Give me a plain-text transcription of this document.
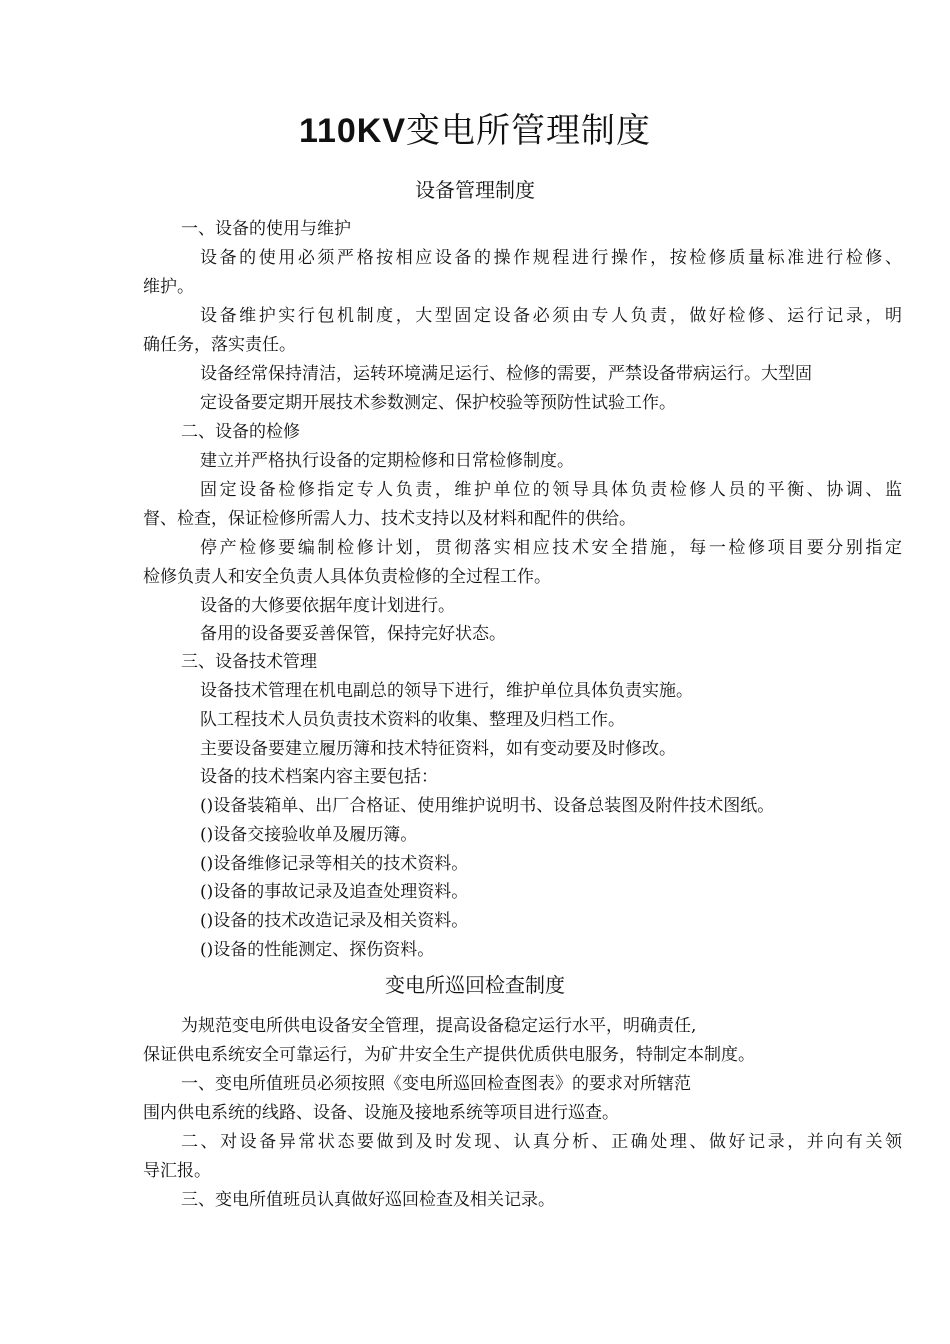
110KV变电所管理制度
设备管理制度
一、设备的使用与维护
设备的使用必须严格按相应设备的操作规程进行操作，按检修质量标准进行检修、
维护。
设备维护实行包机制度，大型固定设备必须由专人负责，做好检修、运行记录，明
确任务，落实责任。
设备经常保持清洁，运转环境满足运行、检修的需要，严禁设备带病运行。大型固
定设备要定期开展技术参数测定、保护校验等预防性试验工作。
二、设备的检修
建立并严格执行设备的定期检修和日常检修制度。
固定设备检修指定专人负责，维护单位的领导具体负责检修人员的平衡、协调、监
督、检查，保证检修所需人力、技术支持以及材料和配件的供给。
停产检修要编制检修计划，贯彻落实相应技术安全措施，每一检修项目要分别指定
检修负责人和安全负责人具体负责检修的全过程工作。
设备的大修要依据年度计划进行。
备用的设备要妥善保管，保持完好状态。
三、设备技术管理
设备技术管理在机电副总的领导下进行，维护单位具体负责实施。
队工程技术人员负责技术资料的收集、整理及归档工作。
主要设备要建立履历簿和技术特征资料，如有变动要及时修改。
设备的技术档案内容主要包括：
()设备装箱单、出厂合格证、使用维护说明书、设备总装图及附件技术图纸。
()设备交接验收单及履历簿。
()设备维修记录等相关的技术资料。
()设备的事故记录及追查处理资料。
()设备的技术改造记录及相关资料。
()设备的性能测定、探伤资料。
变电所巡回检查制度
为规范变电所供电设备安全管理，提高设备稳定运行水平，明确责任,
保证供电系统安全可靠运行，为矿井安全生产提供优质供电服务，特制定本制度。
一、变电所值班员必须按照《变电所巡回检查图表》的要求对所辖范
围内供电系统的线路、设备、设施及接地系统等项目进行巡查。
二、对设备异常状态要做到及时发现、认真分析、正确处理、做好记录，并向有关领
导汇报。
三、变电所值班员认真做好巡回检查及相关记录。
